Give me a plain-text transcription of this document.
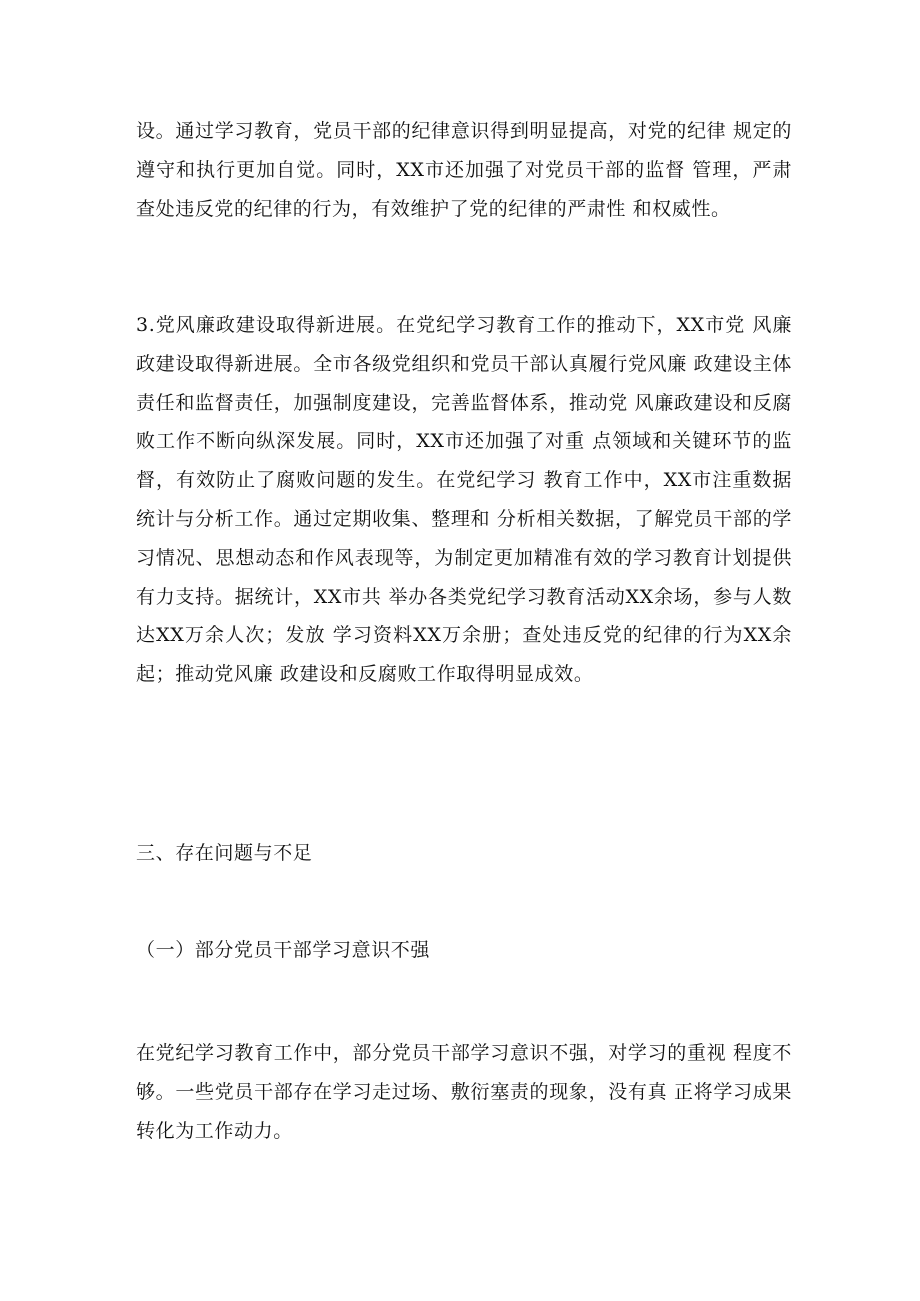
设。通过学习教育，党员干部的纪律意识得到明显提高，对党的纪律 规定的遵守和执行更加自觉。同时，XX市还加强了对党员干部的监督 管理，严肃查处违反党的纪律的行为，有效维护了党的纪律的严肃性 和权威性。

3.党风廉政建设取得新进展。在党纪学习教育工作的推动下，XX市党 风廉政建设取得新进展。全市各级党组织和党员干部认真履行党风廉 政建设主体责任和监督责任，加强制度建设，完善监督体系，推动党 风廉政建设和反腐败工作不断向纵深发展。同时，XX市还加强了对重 点领域和关键环节的监督，有效防止了腐败问题的发生。在党纪学习 教育工作中，XX市注重数据统计与分析工作。通过定期收集、整理和 分析相关数据，了解党员干部的学习情况、思想动态和作风表现等，为制定更加精准有效的学习教育计划提供有力支持。据统计，XX市共 举办各类党纪学习教育活动XX余场，参与人数达XX万余人次；发放 学习资料XX万余册；查处违反党的纪律的行为XX余起；推动党风廉 政建设和反腐败工作取得明显成效。

三、存在问题与不足

（一）部分党员干部学习意识不强

在党纪学习教育工作中，部分党员干部学习意识不强，对学习的重视 程度不够。一些党员干部存在学习走过场、敷衍塞责的现象，没有真 正将学习成果转化为工作动力。
